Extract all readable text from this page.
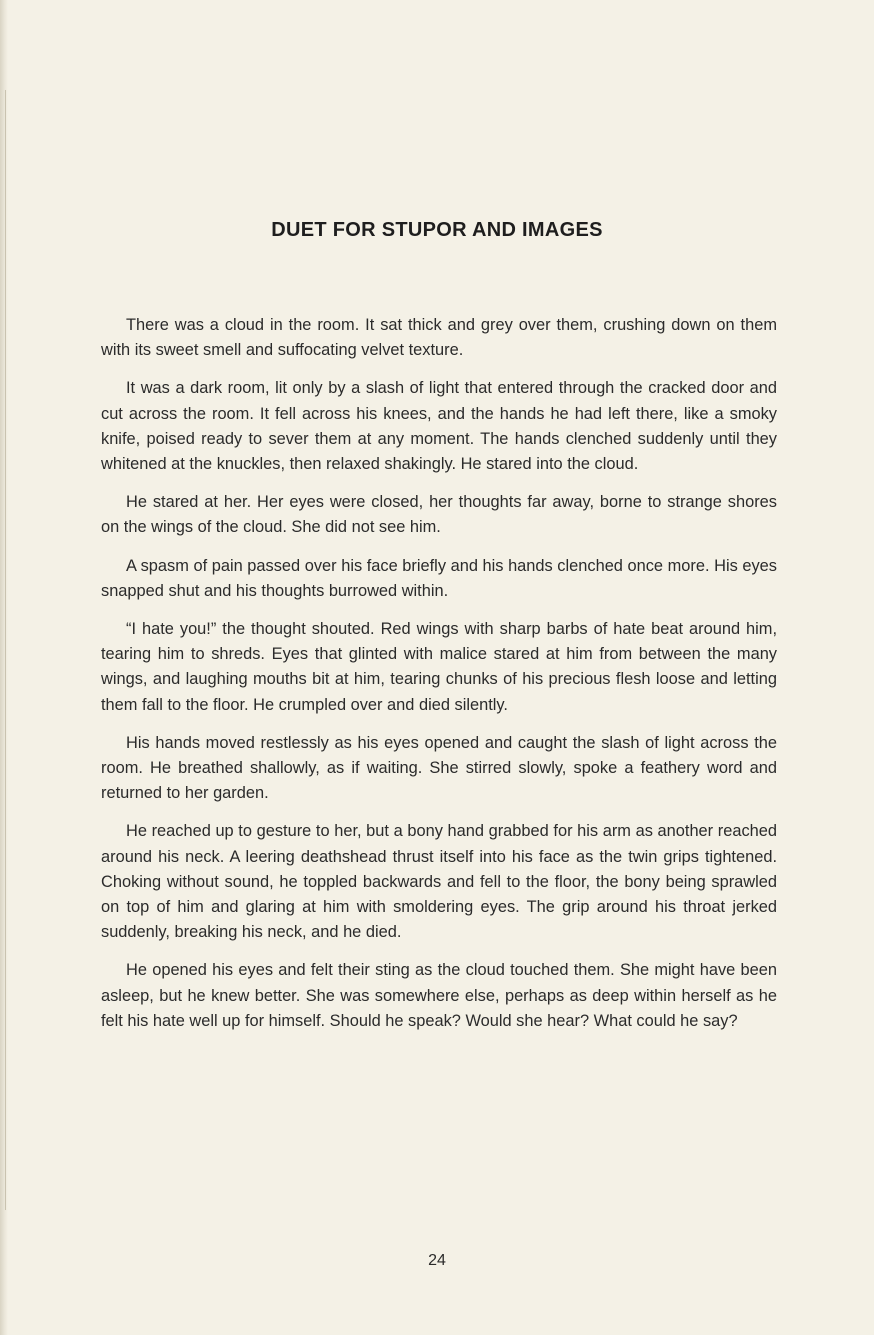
DUET FOR STUPOR AND IMAGES

There was a cloud in the room. It sat thick and grey over them, crushing down on them with its sweet smell and suffocating velvet texture.

It was a dark room, lit only by a slash of light that entered through the cracked door and cut across the room. It fell across his knees, and the hands he had left there, like a smoky knife, poised ready to sever them at any moment. The hands clenched suddenly until they whitened at the knuckles, then relaxed shakingly. He stared into the cloud.

He stared at her. Her eyes were closed, her thoughts far away, borne to strange shores on the wings of the cloud. She did not see him.

A spasm of pain passed over his face briefly and his hands clenched once more. His eyes snapped shut and his thoughts burrowed within.

“I hate you!” the thought shouted. Red wings with sharp barbs of hate beat around him, tearing him to shreds. Eyes that glinted with malice stared at him from between the many wings, and laughing mouths bit at him, tearing chunks of his precious flesh loose and letting them fall to the floor. He crumpled over and died silently.

His hands moved restlessly as his eyes opened and caught the slash of light across the room. He breathed shallowly, as if waiting. She stirred slowly, spoke a feathery word and returned to her garden.

He reached up to gesture to her, but a bony hand grabbed for his arm as another reached around his neck. A leering deathshead thrust itself into his face as the twin grips tightened. Choking without sound, he toppled backwards and fell to the floor, the bony being sprawled on top of him and glaring at him with smoldering eyes. The grip around his throat jerked suddenly, breaking his neck, and he died.

He opened his eyes and felt their sting as the cloud touched them. She might have been asleep, but he knew better. She was somewhere else, perhaps as deep within herself as he felt his hate well up for himself. Should he speak? Would she hear? What could he say?

24
